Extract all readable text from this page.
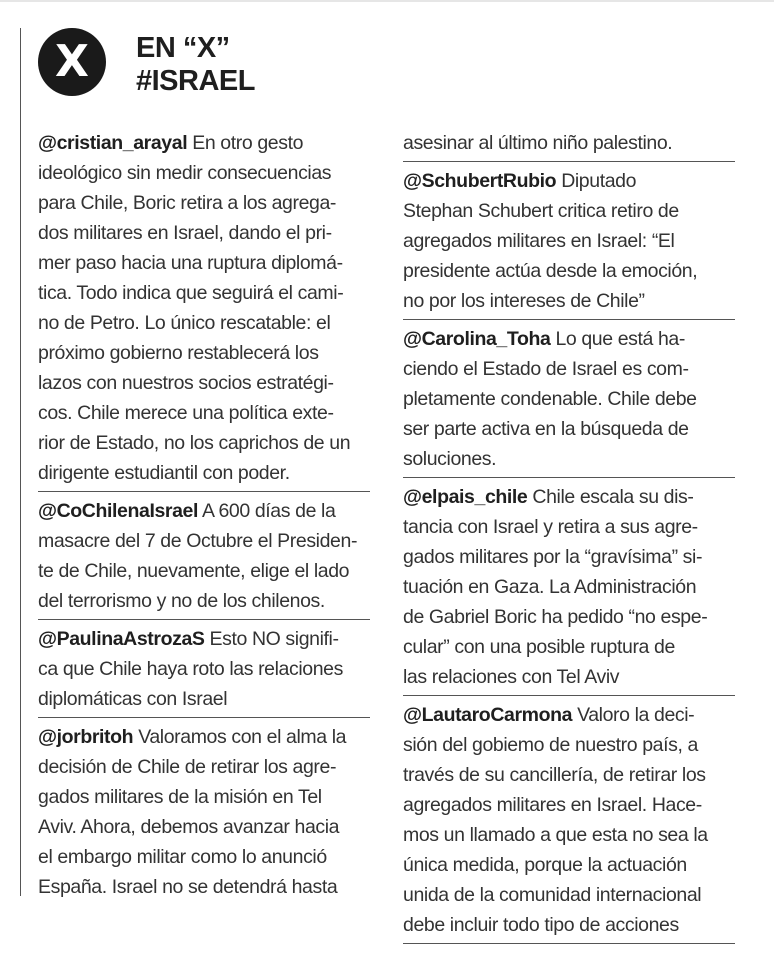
X	EN “X”
#ISRAEL
@cristian_arayal En otro gesto
ideológico sin medir consecuencias
para Chile, Boric retira a los agrega-
dos militares en Israel, dando el pri-
mer paso hacia una ruptura diplomá-
tica. Todo indica que seguirá el cami-
no de Petro. Lo único rescatable: el
próximo gobierno restablecerá los
lazos con nuestros socios estratégi-
cos. Chile merece una política exte-
rior de Estado, no los caprichos de un
dirigente estudiantil con poder.
@CoChilenaIsrael A 600 días de la
masacre del 7 de Octubre el Presiden-
te de Chile, nuevamente, elige el lado
del terrorismo y no de los chilenos.
@PaulinaAstrozaS Esto NO signifi-
ca que Chile haya roto las relaciones
diplomáticas con Israel
@jorbritoh Valoramos con el alma la
decisión de Chile de retirar los agre-
gados militares de la misión en Tel
Aviv. Ahora, debemos avanzar hacia
el embargo militar como lo anunció
España. Israel no se detendrá hasta
asesinar al último niño palestino.
@SchubertRubio Diputado
Stephan Schubert critica retiro de
agregados militares en Israel: “El
presidente actúa desde la emoción,
no por los intereses de Chile”
@Carolina_Toha Lo que está ha-
ciendo el Estado de Israel es com-
pletamente condenable. Chile debe
ser parte activa en la búsqueda de
soluciones.
@elpais_chile Chile escala su dis-
tancia con Israel y retira a sus agre-
gados militares por la “gravísima” si-
tuación en Gaza. La Administración
de Gabriel Boric ha pedido “no espe-
cular” con una posible ruptura de
las relaciones con Tel Aviv
@LautaroCarmona Valoro la deci-
sión del gobiemo de nuestro país, a
través de su cancillería, de retirar los
agregados militares en Israel. Hace-
mos un llamado a que esta no sea la
única medida, porque la actuación
unida de la comunidad internacional
debe incluir todo tipo de acciones
